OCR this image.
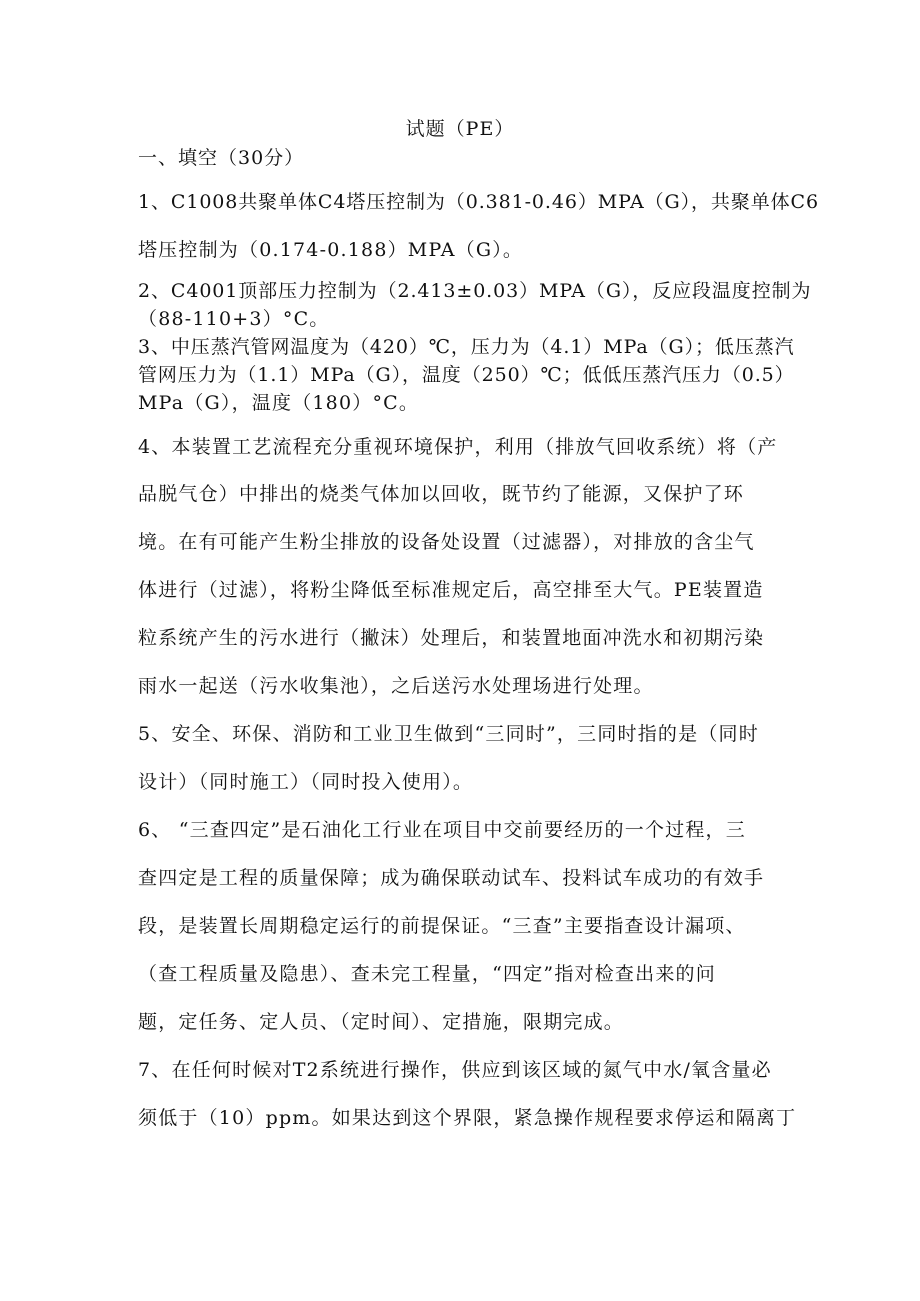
试题（PE）
一、填空（30分）
1、C1008共聚单体C4塔压控制为（0.381-0.46）MPA（G），共聚单体C6
塔压控制为（0.174-0.188）MPA（G）。
2、C4001顶部压力控制为（2.413±0.03）MPA（G），反应段温度控制为
（88-110+3）°C。
3、中压蒸汽管网温度为（420）℃，压力为（4.1）MPa（G）；低压蒸汽
管网压力为（1.1）MPa（G），温度（250）℃；低低压蒸汽压力（0.5）
MPa（G），温度（180）°C。
4、本装置工艺流程充分重视环境保护，利用（排放气回收系统）将（产
品脱气仓）中排出的烧类气体加以回收，既节约了能源，又保护了环
境。在有可能产生粉尘排放的设备处设置（过滤器），对排放的含尘气
体进行（过滤），将粉尘降低至标准规定后，高空排至大气。PE装置造
粒系统产生的污水进行（撇沫）处理后，和装置地面冲洗水和初期污染
雨水一起送（污水收集池），之后送污水处理场进行处理。
5、安全、环保、消防和工业卫生做到“三同时”，三同时指的是（同时
设计）（同时施工）（同时投入使用）。
6、 “三查四定”是石油化工行业在项目中交前要经历的一个过程，三
查四定是工程的质量保障；成为确保联动试车、投料试车成功的有效手
段，是装置长周期稳定运行的前提保证。“三查”主要指查设计漏项、
（查工程质量及隐患）、查未完工程量，“四定”指对检查出来的问
题，定任务、定人员、（定时间）、定措施，限期完成。
7、在任何时候对T2系统进行操作，供应到该区域的氮气中水/氧含量必
须低于（10）ppm。如果达到这个界限，紧急操作规程要求停运和隔离丁
